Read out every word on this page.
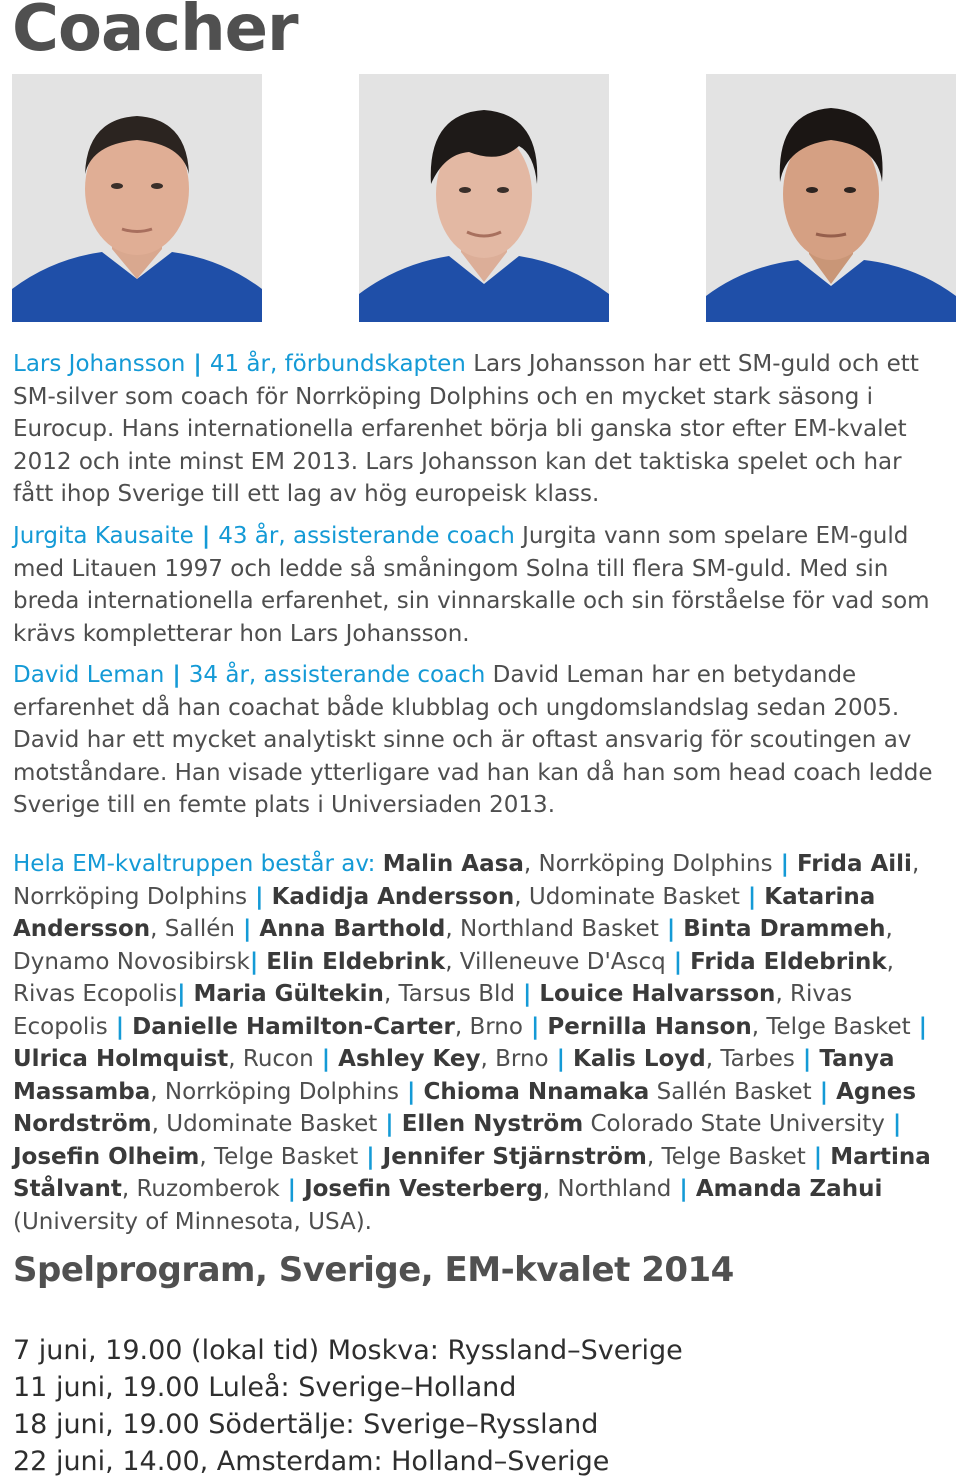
Coacher

Lars Johansson | 41 år, förbundskapten Lars Johansson har ett SM-guld och ett SM-silver som coach för Norrköping Dolphins och en mycket stark säsong i Eurocup. Hans internationella erfarenhet börja bli ganska stor efter EM-kvalet 2012 och inte minst EM 2013. Lars Johansson kan det taktiska spelet och har fått ihop Sverige till ett lag av hög europeisk klass.

Jurgita Kausaite | 43 år, assisterande coach Jurgita vann som spelare EM-guld med Litauen 1997 och ledde så småningom Solna till flera SM-guld. Med sin breda internationella erfarenhet, sin vinnarskalle och sin förståelse för vad som krävs kompletterar hon Lars Johansson.

David Leman | 34 år, assisterande coach David Leman har en betydande erfarenhet då han coachat både klubblag och ungdomslandslag sedan 2005. David har ett mycket analytiskt sinne och är oftast ansvarig för scoutingen av motståndare. Han visade ytterligare vad han kan då han som head coach ledde Sverige till en femte plats i Universiaden 2013.

Hela EM-kvaltruppen består av: Malin Aasa, Norrköping Dolphins | Frida Aili, Norrköping Dolphins | Kadidja Andersson, Udominate Basket | Katarina Andersson, Sallén | Anna Barthold, Northland Basket | Binta Drammeh, Dynamo Novosibirsk| Elin Eldebrink, Villeneuve D'Ascq | Frida Eldebrink, Rivas Ecopolis| Maria Gültekin, Tarsus Bld | Louice Halvarsson, Rivas Ecopolis | Danielle Hamilton-Carter, Brno | Pernilla Hanson, Telge Basket | Ulrica Holmquist, Rucon | Ashley Key, Brno | Kalis Loyd, Tarbes | Tanya Massamba, Norrköping Dolphins | Chioma Nnamaka Sallén Basket | Agnes Nordström, Udominate Basket | Ellen Nyström Colorado State University | Josefin Olheim, Telge Basket | Jennifer Stjärnström, Telge Basket | Martina Stålvant, Ruzomberok | Josefin Vesterberg, Northland | Amanda Zahui (University of Minnesota, USA).

Spelprogram, Sverige, EM-kvalet 2014
7 juni, 19.00 (lokal tid) Moskva: Ryssland–Sverige
11 juni, 19.00 Luleå: Sverige–Holland
18 juni, 19.00 Södertälje: Sverige–Ryssland
22 juni, 14.00, Amsterdam: Holland–Sverige
